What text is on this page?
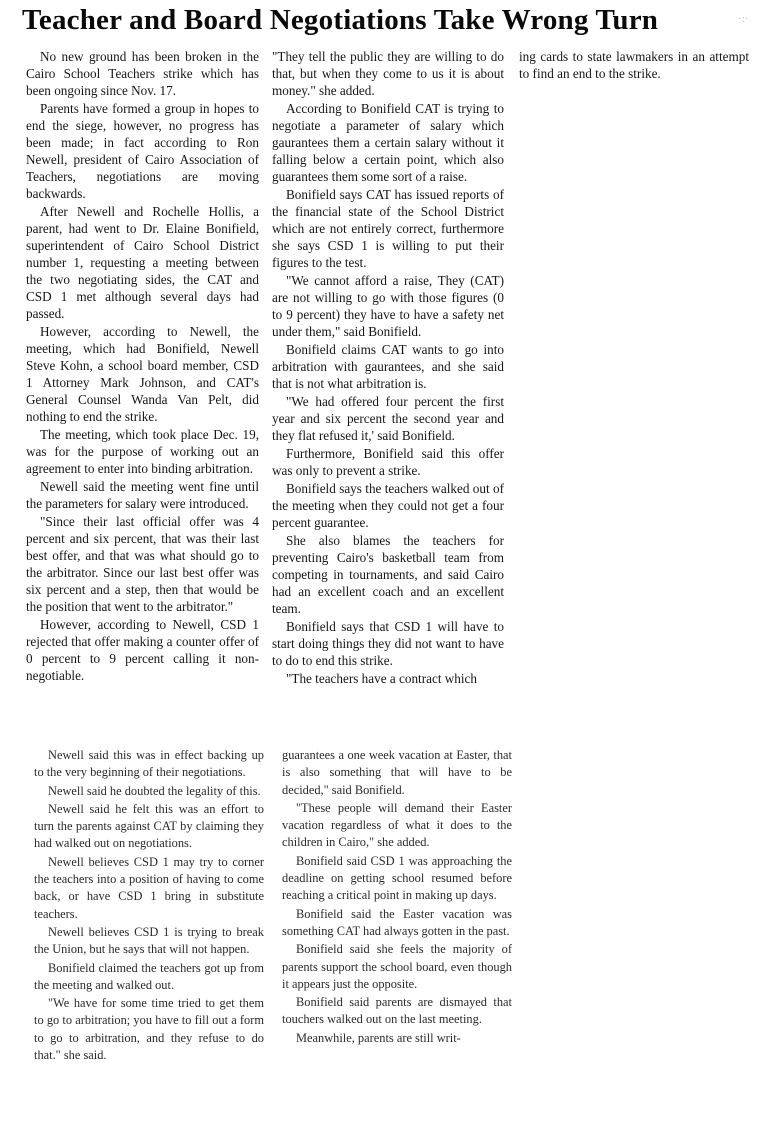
Teacher and Board Negotiations Take Wrong Turn	·:·

No new ground has been broken in the Cairo School Teachers strike which has been ongoing since Nov. 17.

Parents have formed a group in hopes to end the siege, however, no progress has been made; in fact according to Ron Newell, president of Cairo Association of Teachers, negotiations are moving backwards.

After Newell and Rochelle Hollis, a parent, had went to Dr. Elaine Bonifield, superintendent of Cairo School District number 1, requesting a meeting between the two negotiating sides, the CAT and CSD 1 met although several days had passed.

However, according to Newell, the meeting, which had Bonifield, Newell Steve Kohn, a school board member, CSD 1 Attorney Mark Johnson, and CAT's General Counsel Wanda Van Pelt, did nothing to end the strike.

The meeting, which took place Dec. 19, was for the purpose of working out an agreement to enter into binding arbitration.

Newell said the meeting went fine until the parameters for salary were introduced.

"Since their last official offer was 4 percent and six percent, that was their last best offer, and that was what should go to the arbitrator. Since our last best offer was six percent and a step, then that would be the position that went to the arbitrator."

However, according to Newell, CSD 1 rejected that offer making a counter offer of 0 percent to 9 percent calling it non-negotiable.

"They tell the public they are willing to do that, but when they come to us it is about money." she added.

According to Bonifield CAT is trying to negotiate a parameter of salary which gaurantees them a certain salary without it falling below a certain point, which also guarantees them some sort of a raise.

Bonifield says CAT has issued reports of the financial state of the School District which are not entirely correct, furthermore she says CSD 1 is willing to put their figures to the test.

"We cannot afford a raise, They (CAT) are not willing to go with those figures (0 to 9 percent) they have to have a safety net under them," said Bonifield.

Bonifield claims CAT wants to go into arbitration with gaurantees, and she said that is not what arbitration is.

"We had offered four percent the first year and six percent the second year and they flat refused it,' said Bonifield.

Furthermore, Bonifield said this offer was only to prevent a strike.

Bonifield says the teachers walked out of the meeting when they could not get a four percent guarantee.

She also blames the teachers for preventing Cairo's basketball team from competing in tournaments, and said Cairo had an excellent coach and an excellent team.

Bonifield says that CSD 1 will have to start doing things they did not want to have to do to end this strike.

"The teachers have a contract which

ing cards to state lawmakers in an attempt to find an end to the strike.

Newell said this was in effect backing up to the very beginning of their negotiations.

Newell said he doubted the legality of this.

Newell said he felt this was an effort to turn the parents against CAT by claiming they had walked out on negotiations.

Newell believes CSD 1 may try to corner the teachers into a position of having to come back, or have CSD 1 bring in substitute teachers.

Newell believes CSD 1 is trying to break the Union, but he says that will not happen.

Bonifield claimed the teachers got up from the meeting and walked out.

"We have for some time tried to get them to go to arbitration; you have to fill out a form to go to arbitration, and they refuse to do that." she said.

guarantees a one week vacation at Easter, that is also something that will have to be decided," said Bonifield.

"These people will demand their Easter vacation regardless of what it does to the children in Cairo," she added.

Bonifield said CSD 1 was approaching the deadline on getting school resumed before reaching a critical point in making up days.

Bonifield said the Easter vacation was something CAT had always gotten in the past.

Bonifield said she feels the majority of parents support the school board, even though it appears just the opposite.

Bonifield said parents are dismayed that touchers walked out on the last meeting.

Meanwhile, parents are still writ-
